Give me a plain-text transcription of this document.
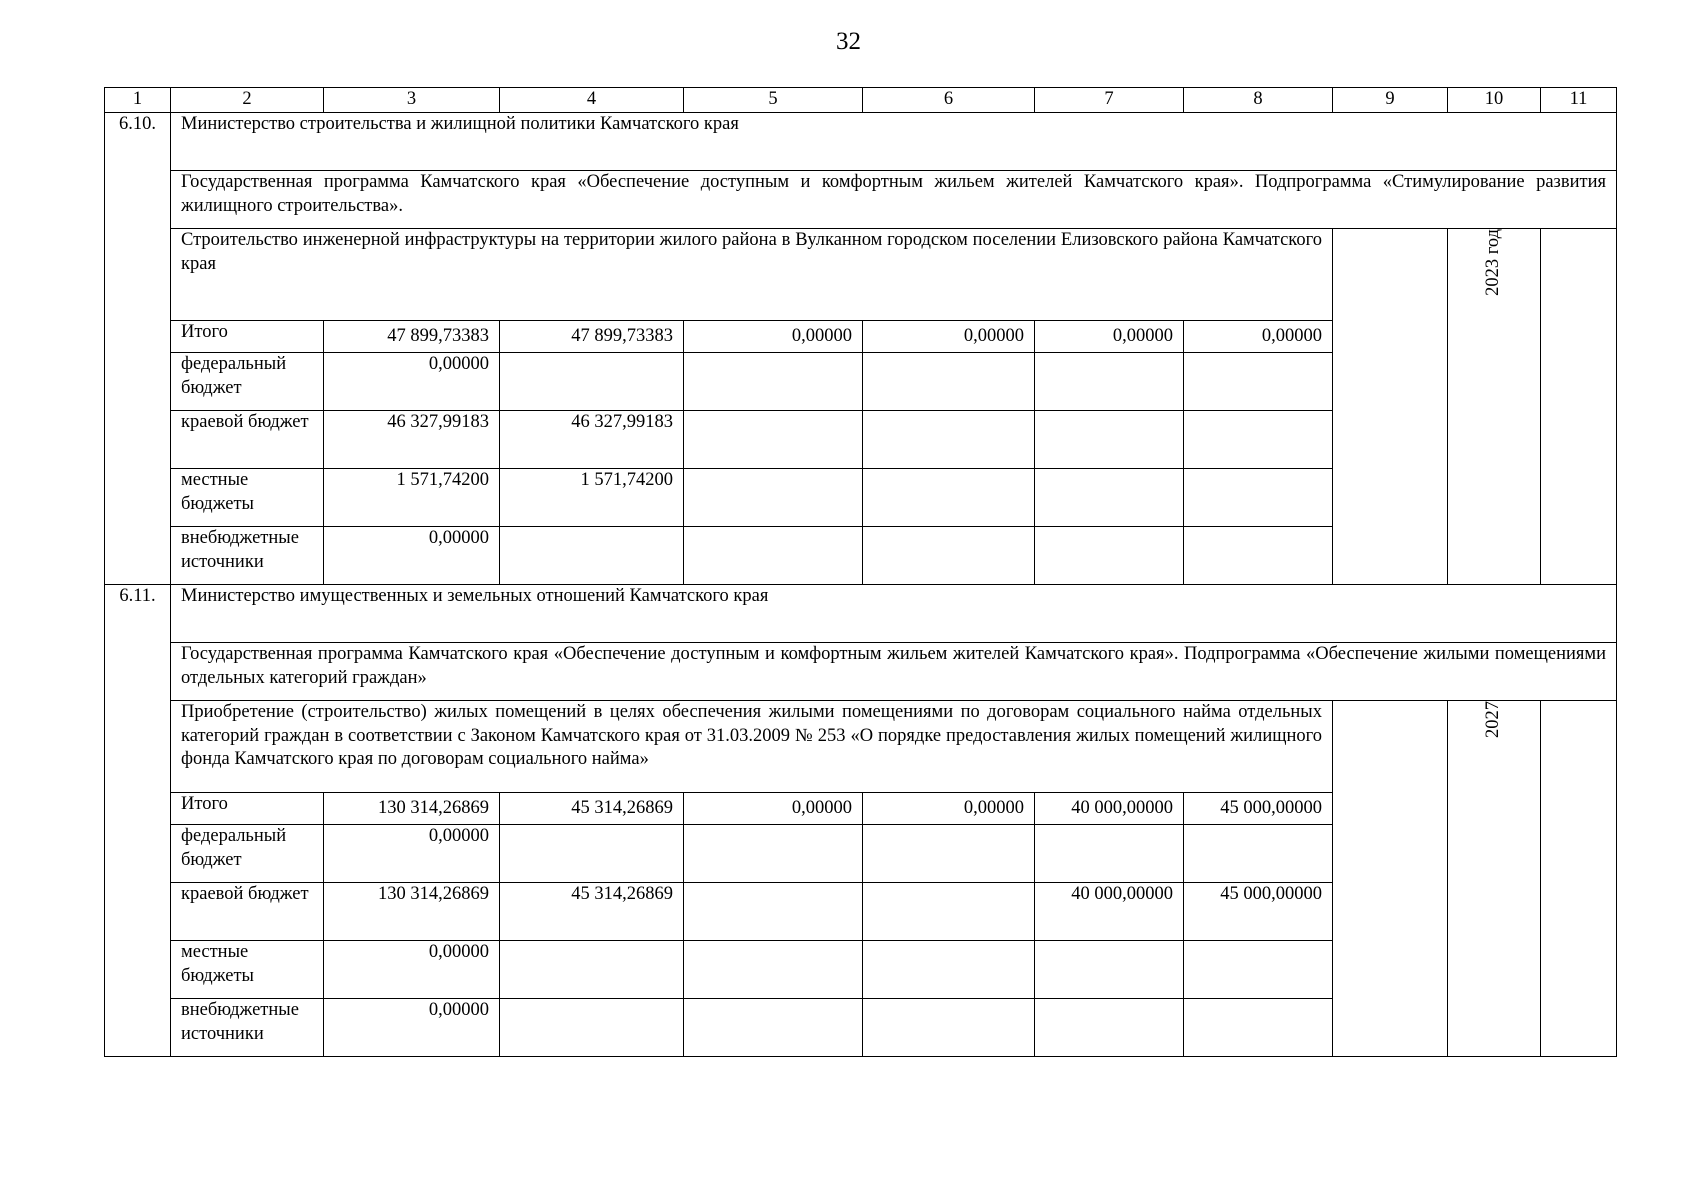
32
1	2	3	4	5	6	7	8	9	10	11
6.10.	Министерство строительства и жилищной политики Камчатского края									
	Государственная программа Камчатского края «Обеспечение доступным и комфортным жильем жителей Камчатского края». Подпрограмма «Стимулирование развития жилищного строительства».									
	Строительство инженерной инфраструктуры на территории жилого района в Вулканном городском поселении Елизовского района Камчатского края								2023 год	
	Итого	47 899,73383	47 899,73383	0,00000	0,00000	0,00000	0,00000			
	федеральный бюджет	0,00000								
	краевой бюджет	46 327,99183	46 327,99183							
	местные бюджеты	1 571,74200	1 571,74200							
	внебюджетные источники	0,00000								
6.11.	Министерство имущественных и земельных отношений Камчатского края									
	Государственная программа Камчатского края «Обеспечение доступным и комфортным жильем жителей Камчатского края». Подпрограмма «Обеспечение жилыми помещениями отдельных категорий граждан»									
	Приобретение (строительство) жилых помещений в целях обеспечения жилыми помещениями по договорам социального найма отдельных категорий граждан в соответствии с Законом Камчатского края от 31.03.2009 № 253 «О порядке предоставления жилых помещений жилищного фонда Камчатского края по договорам социального найма»								2027	
	Итого	130 314,26869	45 314,26869	0,00000	0,00000	40 000,00000	45 000,00000			
	федеральный бюджет	0,00000								
	краевой бюджет	130 314,26869	45 314,26869			40 000,00000	45 000,00000			
	местные бюджеты	0,00000								
	внебюджетные источники	0,00000								
